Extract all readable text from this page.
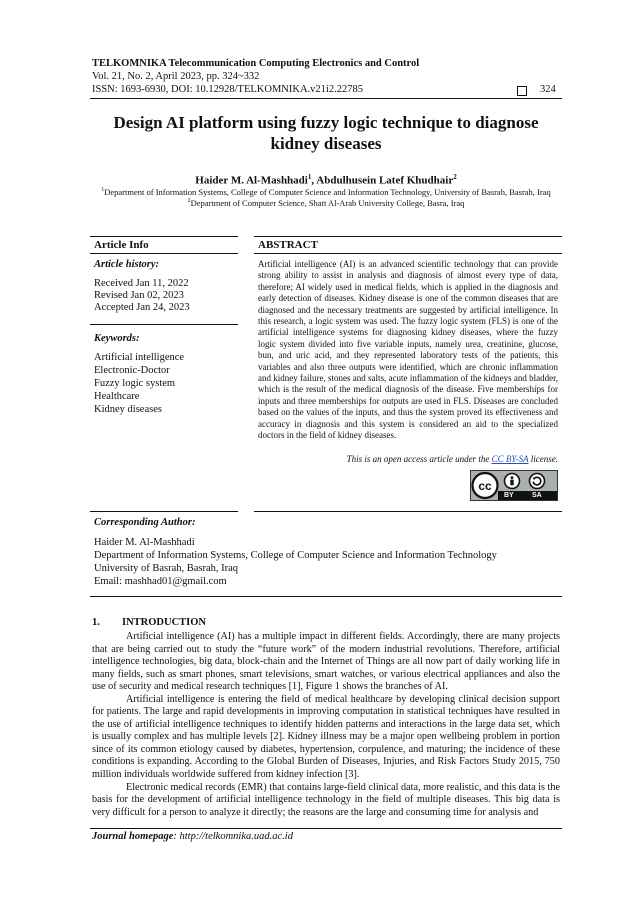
TELKOMNIKA Telecommunication Computing Electronics and Control
Vol. 21, No. 2, April 2023, pp. 324~332
ISSN: 1693-6930, DOI: 10.12928/TELKOMNIKA.v21i2.22785	324
Design AI platform using fuzzy logic technique to diagnose
kidney diseases
Haider M. Al-Mashhadi$^1$, Abdulhusein Latef Khudhair$^2$
$^1$Department of Information Systems, College of Computer Science and Information Technology, University of Basrah, Basrah, Iraq
$^2$Department of Computer Science, Shatt Al-Arab University College, Basra, Iraq
Article Info	ABSTRACT
Article history:
Received Jan 11, 2022
Revised Jan 02, 2023
Accepted Jan 24, 2023
Keywords:
Artificial intelligence
Electronic-Doctor
Fuzzy logic system
Healthcare
Kidney diseases
Artificial intelligence (AI) is an advanced scientific technology that can provide strong ability to assist in analysis and diagnosis of almost every type of data, therefore; AI widely used in medical fields, which is applied in the diagnosis and early detection of diseases. Kidney disease is one of the common diseases that are diagnosed and the necessary treatments are suggested by artificial intelligence. In this research, a logic system was used. The fuzzy logic system (FLS) is one of the artificial intelligence systems for diagnosing kidney diseases, where the fuzzy logic system divided into five variable inputs, namely urea, creatinine, glucose, bun, and uric acid, and they represented laboratory tests of the patients, this variables and also three outputs were identified, which are chronic inflammation and kidney failure, stones and salts, acute inflammation of the kidneys and bladder, which is the result of the medical diagnosis of the disease. Five memberships for inputs and three memberships for outputs are used in FLS. Diseases are concluded based on the values of the inputs, and thus the system proved its effectiveness and accuracy in diagnosis and this system is considered an aid to the specialized doctors in the field of kidney diseases.
This is an open access article under the CC BY-SA license.
cc
BY	SA
Corresponding Author:
Haider M. Al-Mashhadi
Department of Information Systems, College of Computer Science and Information Technology
University of Basrah, Basrah, Iraq
Email: mashhad01@gmail.com
1. INTRODUCTION

Artificial intelligence (AI) has a multiple impact in different fields. Accordingly, there are many projects that are being carried out to study the “future work” of the modern industrial revolutions. Therefore, artificial intelligence technologies, big data, block-chain and the Internet of Things are all now part of daily working life in many fields, such as smart phones, smart televisions, smart watches, or various electrical appliances and also the use of security and medical research techniques [1], Figure 1 shows the branches of AI.

Artificial intelligence is entering the field of medical healthcare by developing clinical decision support for patients. The large and rapid developments in improving computation in statistical techniques have resulted in the use of artificial intelligence techniques to identify hidden patterns and interactions in the large data set, which is usually complex and has multiple levels [2]. Kidney illness may be a major open wellbeing problem in portion since of its common etiology caused by diabetes, hypertension, corpulence, and maturing; the incidence of these conditions is expanding. According to the Global Burden of Diseases, Injuries, and Risk Factors Study 2015, 750 million individuals worldwide suffered from kidney infection [3].

Electronic medical records (EMR) that contains large-field clinical data, more realistic, and this data is the basis for the development of artificial intelligence technology in the field of multiple diseases. This big data is very difficult for a person to analyze it directly; the reasons are the large and consuming time for analysis and

Journal homepage: http://telkomnika.uad.ac.id
